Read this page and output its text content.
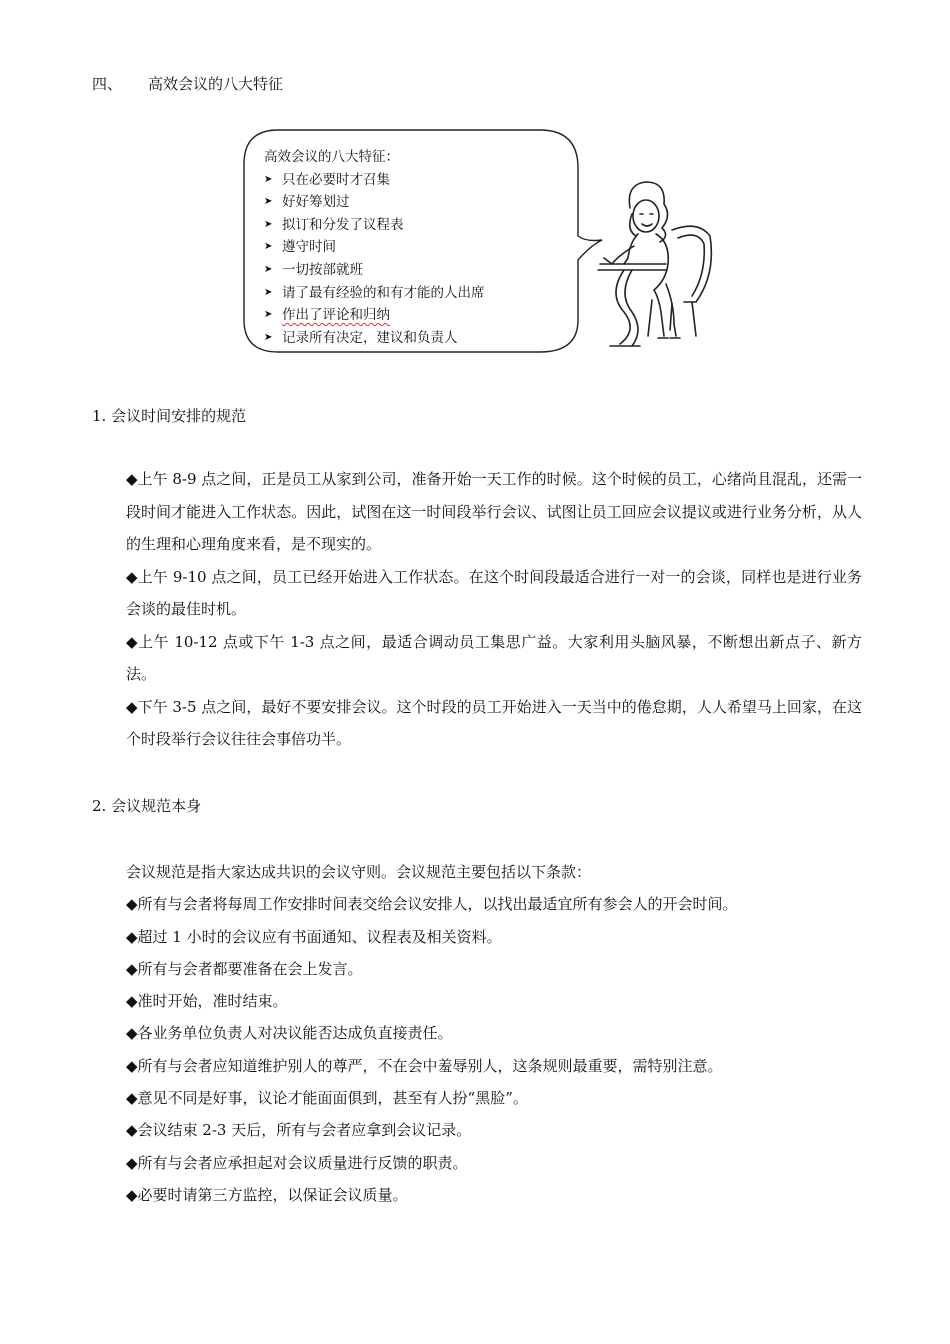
四、 高效会议的八大特征
高效会议的八大特征：
➤ 只在必要时才召集
➤ 好好筹划过
➤ 拟订和分发了议程表
➤ 遵守时间
➤ 一切按部就班
➤ 请了最有经验的和有才能的人出席
➤ 作出了评论和归纳
➤ 记录所有决定，建议和负责人
1. 会议时间安排的规范

◆上午 8-9 点之间，正是员工从家到公司，准备开始一天工作的时候。这个时候的员工，心绪尚且混乱，还需一段时间才能进入工作状态。因此，试图在这一时间段举行会议、试图让员工回应会议提议或进行业务分析，从人的生理和心理角度来看，是不现实的。

◆上午 9-10 点之间，员工已经开始进入工作状态。在这个时间段最适合进行一对一的会谈，同样也是进行业务会谈的最佳时机。

◆上午 10-12 点或下午 1-3 点之间，最适合调动员工集思广益。大家利用头脑风暴，不断想出新点子、新方法。

◆下午 3-5 点之间，最好不要安排会议。这个时段的员工开始进入一天当中的倦怠期，人人希望马上回家，在这个时段举行会议往往会事倍功半。

2. 会议规范本身

会议规范是指大家达成共识的会议守则。会议规范主要包括以下条款：

◆所有与会者将每周工作安排时间表交给会议安排人，以找出最适宜所有参会人的开会时间。

◆超过 1 小时的会议应有书面通知、议程表及相关资料。

◆所有与会者都要准备在会上发言。

◆准时开始，准时结束。

◆各业务单位负责人对决议能否达成负直接责任。

◆所有与会者应知道维护别人的尊严，不在会中羞辱别人，这条规则最重要，需特别注意。

◆意见不同是好事，议论才能面面俱到，甚至有人扮“黑脸”。

◆会议结束 2-3 天后，所有与会者应拿到会议记录。

◆所有与会者应承担起对会议质量进行反馈的职责。

◆必要时请第三方监控，以保证会议质量。
